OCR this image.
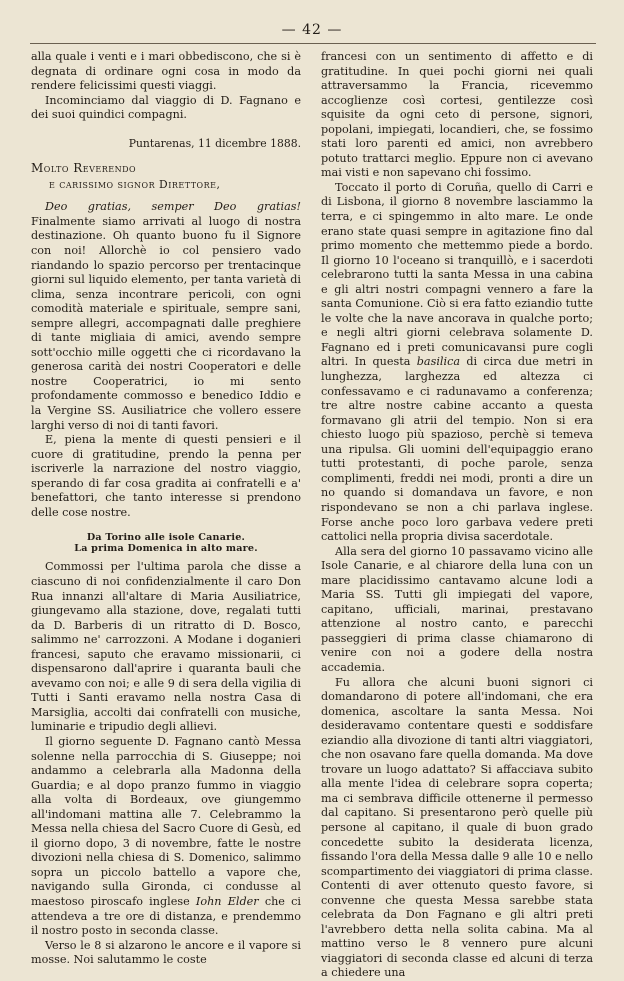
— 42 —

alla quale i venti e i mari obbediscono, che si è degnata di ordinare ogni cosa in modo da rendere felicissimi questi viaggi.

Incominciamo dal viaggio di D. Fagnano e dei suoi quindici compagni.

Puntarenas, 11 dicembre 1888.
Molto Reverendo
e carissimo signor Direttore,

Deo gratias, semper Deo gratias! Finalmente siamo arrivati al luogo di nostra destinazione. Oh quanto buono fu il Signore con noi! Allorchè io col pensiero vado riandando lo spazio percorso per trentacinque giorni sul liquido elemento, per tanta varietà di clima, senza incontrare pericoli, con ogni comodità materiale e spirituale, sempre sani, sempre allegri, accompagnati dalle preghiere di tante migliaia di amici, avendo sempre sott'occhio mille oggetti che ci ricordavano la generosa carità dei nostri Cooperatori e delle nostre Cooperatrici, io mi sento profondamente commosso e benedico Iddio e la Vergine SS. Ausiliatrice che vollero essere larghi verso di noi di tanti favori.

E, piena la mente di questi pensieri e il cuore di gratitudine, prendo la penna per iscriverle la narrazione del nostro viaggio, sperando di far cosa gradita ai confratelli e a' benefattori, che tanto interesse si prendono delle cose nostre.

Da Torino alle isole Canarie.
La prima Domenica in alto mare.

Commossi per l'ultima parola che disse a ciascuno di noi confidenzialmente il caro Don Rua innanzi all'altare di Maria Ausiliatrice, giungevamo alla stazione, dove, regalati tutti da D. Barberis di un ritratto di D. Bosco, salimmo ne' carrozzoni. A Modane i doganieri francesi, saputo che eravamo missionarii, ci dispensarono dall'aprire i quaranta bauli che avevamo con noi; e alle 9 di sera della vigilia di Tutti i Santi eravamo nella nostra Casa di Marsiglia, accolti dai confratelli con musiche, luminarie e tripudio degli allievi.

Il giorno seguente D. Fagnano cantò Messa solenne nella parrocchia di S. Giuseppe; noi andammo a celebrarla alla Madonna della Guardia; e al dopo pranzo fummo in viaggio alla volta di Bordeaux, ove giungemmo all'indomani mattina alle 7. Celebrammo la Messa nella chiesa del Sacro Cuore di Gesù, ed il giorno dopo, 3 di novembre, fatte le nostre divozioni nella chiesa di S. Domenico, salimmo sopra un piccolo battello a vapore che, navigando sulla Gironda, ci condusse al maestoso piroscafo inglese Iohn Elder che ci attendeva a tre ore di distanza, e prendemmo il nostro posto in seconda classe.

Verso le 8 si alzarono le ancore e il vapore si mosse. Noi salutammo le coste

francesi con un sentimento di affetto e di gratitudine. In quei pochi giorni nei quali attraversammo la Francia, ricevemmo accoglienze così cortesi, gentilezze così squisite da ogni ceto di persone, signori, popolani, impiegati, locandieri, che, se fossimo stati loro parenti ed amici, non avrebbero potuto trattarci meglio. Eppure non ci avevano mai visti e non sapevano chi fossimo.

Toccato il porto di Coruña, quello di Carri e di Lisbona, il giorno 8 novembre lasciammo la terra, e ci spingemmo in alto mare. Le onde erano state quasi sempre in agitazione fino dal primo momento che mettemmo piede a bordo. Il giorno 10 l'oceano si tranquillò, e i sacerdoti celebrarono tutti la santa Messa in una cabina e gli altri nostri compagni vennero a fare la santa Comunione. Ciò si era fatto eziandio tutte le volte che la nave ancorava in qualche porto; e negli altri giorni celebrava solamente D. Fagnano ed i preti comunicavansi pure cogli altri. In questa basilica di circa due metri in lunghezza, larghezza ed altezza ci confessavamo e ci radunavamo a conferenza; tre altre nostre cabine accanto a questa formavano gli atrii del tempio. Non si era chiesto luogo più spazioso, perchè si temeva una ripulsa. Gli uomini dell'equipaggio erano tutti protestanti, di poche parole, senza complimenti, freddi nei modi, pronti a dire un no quando si domandava un favore, e non rispondevano se non a chi parlava inglese. Forse anche poco loro garbava vedere preti cattolici nella propria divisa sacerdotale.

Alla sera del giorno 10 passavamo vicino alle Isole Canarie, e al chiarore della luna con un mare placidissimo cantavamo alcune lodi a Maria SS. Tutti gli impiegati del vapore, capitano, ufficiali, marinai, prestavano attenzione al nostro canto, e parecchi passeggieri di prima classe chiamarono di venire con noi a godere della nostra accademia.

Fu allora che alcuni buoni signori ci domandarono di potere all'indomani, che era domenica, ascoltare la santa Messa. Noi desideravamo contentare questi e soddisfare eziandio alla divozione di tanti altri viaggiatori, che non osavano fare quella domanda. Ma dove trovare un luogo adattato? Si affacciava subito alla mente l'idea di celebrare sopra coperta; ma ci sembrava difficile ottenerne il permesso dal capitano. Si presentarono però quelle più persone al capitano, il quale di buon grado concedette subito la desiderata licenza, fissando l'ora della Messa dalle 9 alle 10 e nello scompartimento dei viaggiatori di prima classe. Contenti di aver ottenuto questo favore, si convenne che questa Messa sarebbe stata celebrata da Don Fagnano e gli altri preti l'avrebbero detta nella solita cabina. Ma al mattino verso le 8 vennero pure alcuni viaggiatori di seconda classe ed alcuni di terza a chiedere una
